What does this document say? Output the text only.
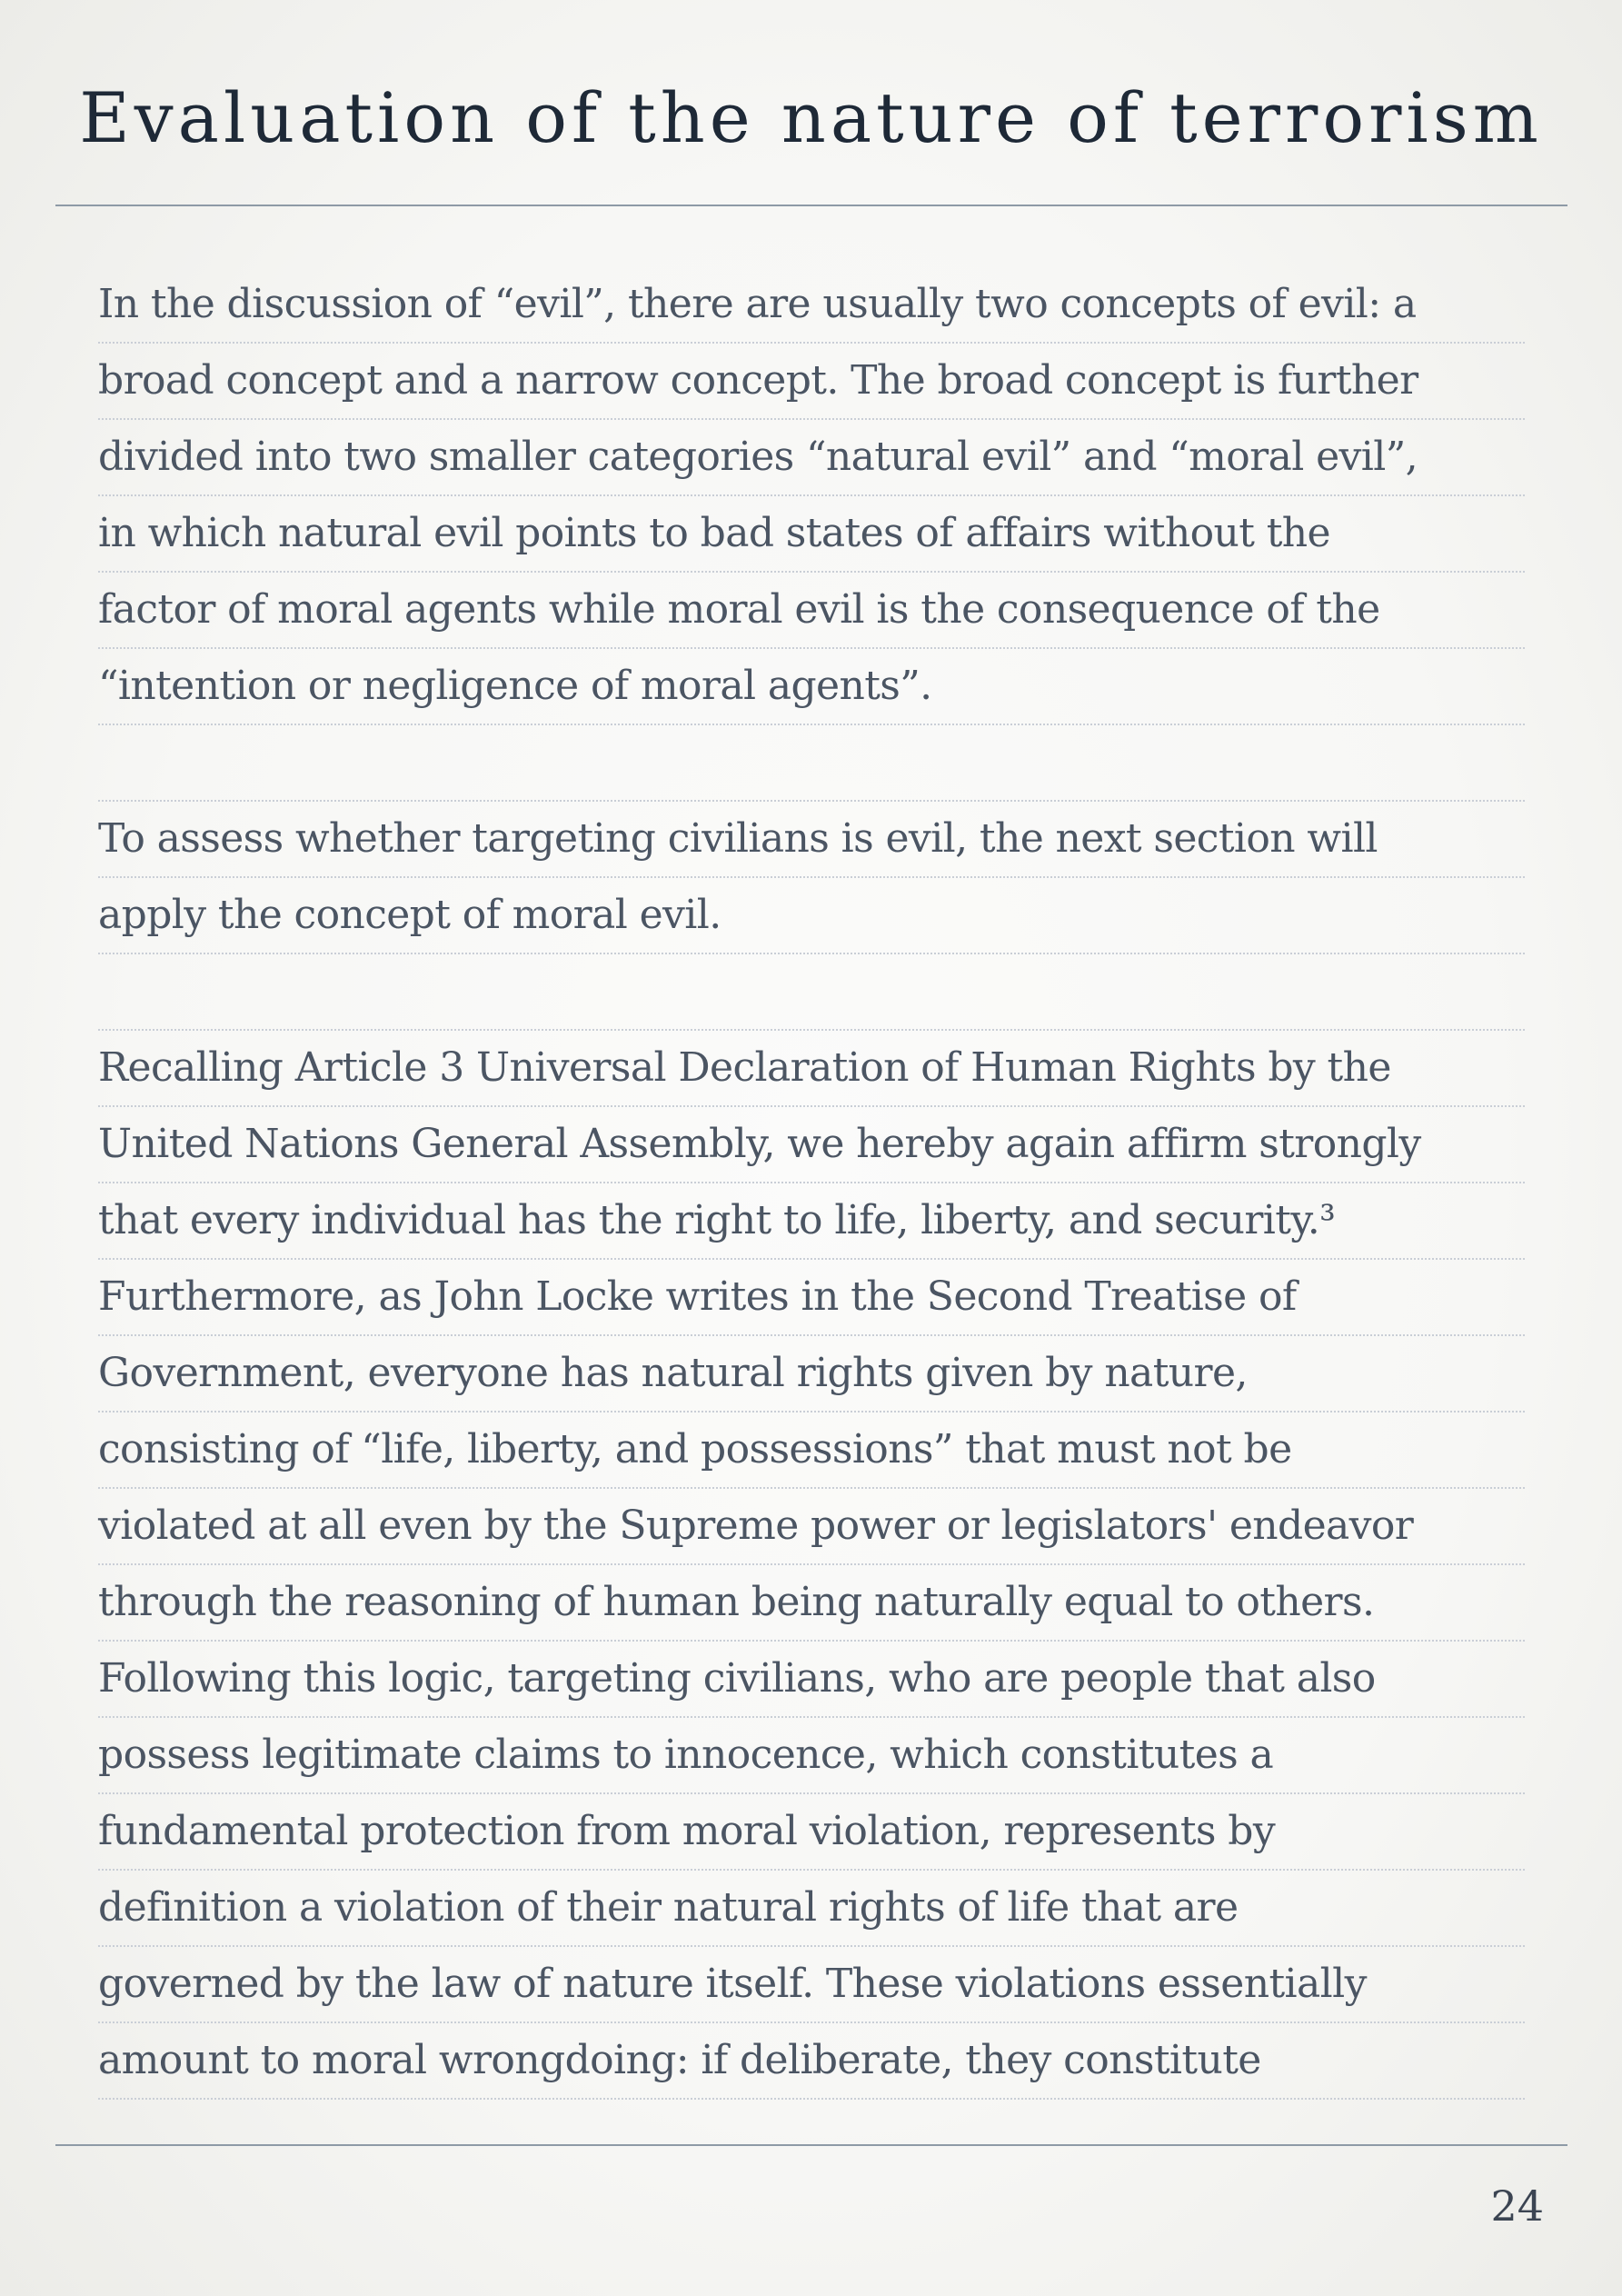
Evaluation of the nature of terrorism
In the discussion of “evil”, there are usually two concepts of evil: a
broad concept and a narrow concept. The broad concept is further
divided into two smaller categories “natural evil” and “moral evil”,
in which natural evil points to bad states of affairs without the
factor of moral agents while moral evil is the consequence of the
“intention or negligence of moral agents”.
To assess whether targeting civilians is evil, the next section will
apply the concept of moral evil.
Recalling Article 3 Universal Declaration of Human Rights by the
United Nations General Assembly, we hereby again affirm strongly
that every individual has the right to life, liberty, and security.³
Furthermore, as John Locke writes in the Second Treatise of
Government, everyone has natural rights given by nature,
consisting of “life, liberty, and possessions” that must not be
violated at all even by the Supreme power or legislators' endeavor
through the reasoning of human being naturally equal to others.
Following this logic, targeting civilians, who are people that also
possess legitimate claims to innocence, which constitutes a
fundamental protection from moral violation, represents by
definition a violation of their natural rights of life that are
governed by the law of nature itself. These violations essentially
amount to moral wrongdoing: if deliberate, they constitute
24
